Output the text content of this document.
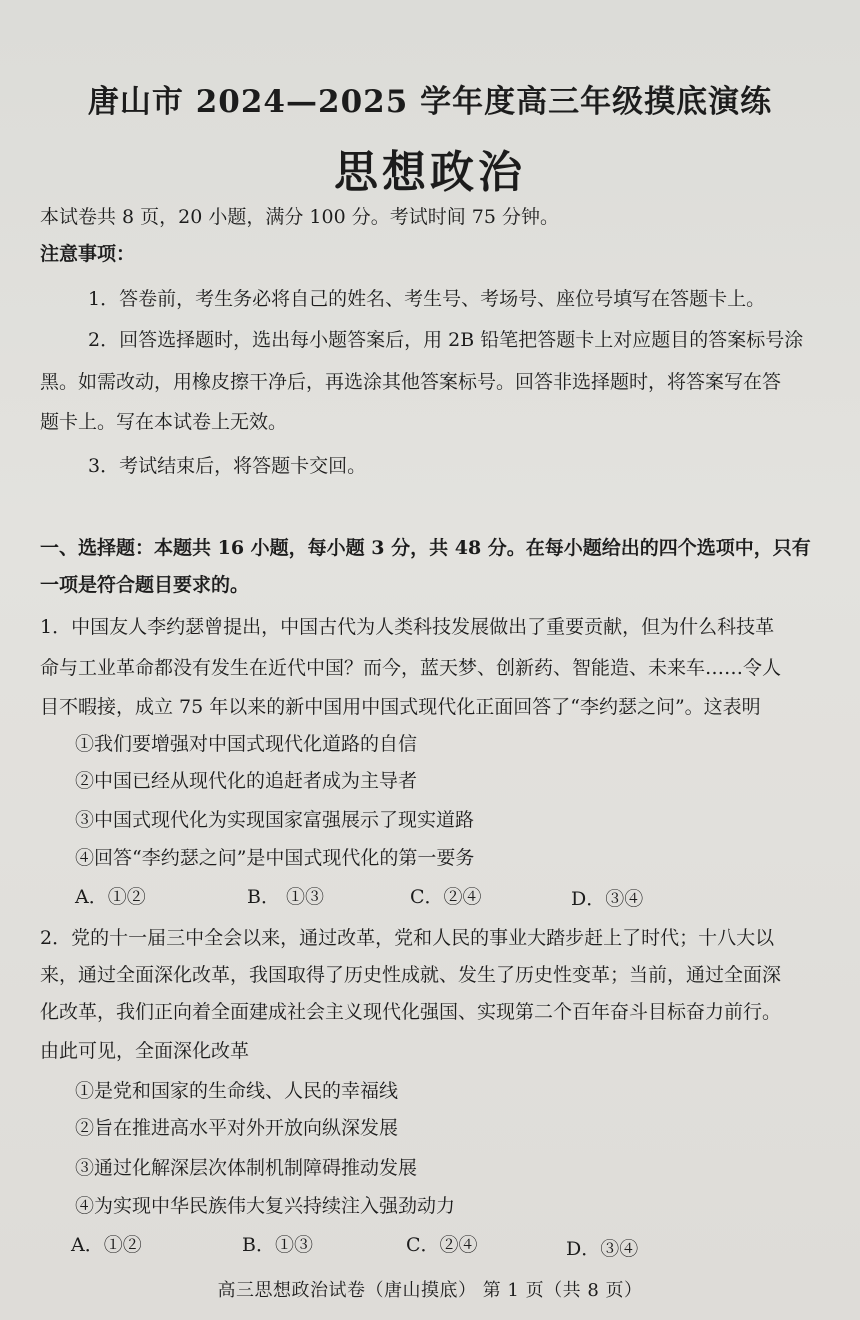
唐山市 2024—2025 学年度高三年级摸底演练
思想政治
本试卷共 8 页，20 小题，满分 100 分。考试时间 75 分钟。
注意事项：
1．答卷前，考生务必将自己的姓名、考生号、考场号、座位号填写在答题卡上。
2．回答选择题时，选出每小题答案后，用 2B 铅笔把答题卡上对应题目的答案标号涂
黑。如需改动，用橡皮擦干净后，再选涂其他答案标号。回答非选择题时，将答案写在答
题卡上。写在本试卷上无效。
3．考试结束后，将答题卡交回。
一、选择题：本题共 16 小题，每小题 3 分，共 48 分。在每小题给出的四个选项中，只有
一项是符合题目要求的。
1．中国友人李约瑟曾提出，中国古代为人类科技发展做出了重要贡献，但为什么科技革
命与工业革命都没有发生在近代中国？而今，蓝天梦、创新药、智能造、未来车……令人
目不暇接，成立 75 年以来的新中国用中国式现代化正面回答了“李约瑟之问”。这表明
①我们要增强对中国式现代化道路的自信
②中国已经从现代化的追赶者成为主导者
③中国式现代化为实现国家富强展示了现实道路
④回答“李约瑟之问”是中国式现代化的第一要务
A．①②	B． ①③	C．②④	D．③④
2．党的十一届三中全会以来，通过改革，党和人民的事业大踏步赶上了时代；十八大以
来，通过全面深化改革，我国取得了历史性成就、发生了历史性变革；当前，通过全面深
化改革，我们正向着全面建成社会主义现代化强国、实现第二个百年奋斗目标奋力前行。
由此可见，全面深化改革
①是党和国家的生命线、人民的幸福线
②旨在推进高水平对外开放向纵深发展
③通过化解深层次体制机制障碍推动发展
④为实现中华民族伟大复兴持续注入强劲动力
A．①②	B．①③	C．②④	D．③④
高三思想政治试卷（唐山摸底） 第 1 页（共 8 页）
